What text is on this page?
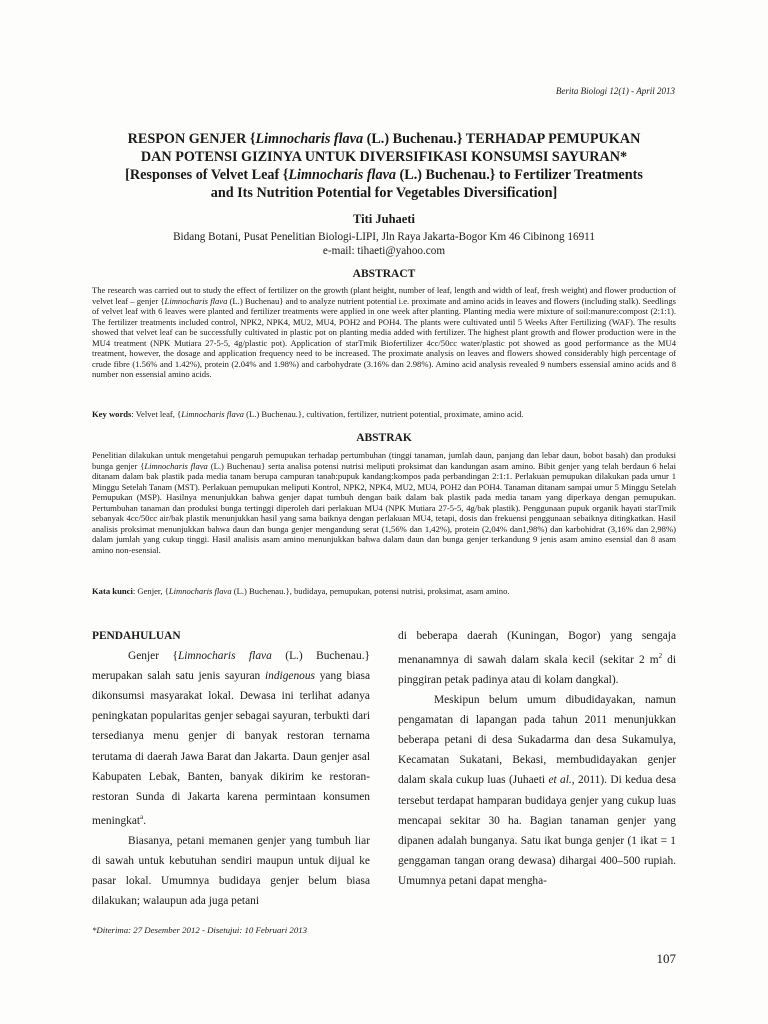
Berita Biologi 12(1) - April 2013
RESPON GENJER {Limnocharis flava (L.) Buchenau.} TERHADAP PEMUPUKAN
DAN POTENSI GIZINYA UNTUK DIVERSIFIKASI KONSUMSI SAYURAN*
[Responses of Velvet Leaf {Limnocharis flava (L.) Buchenau.} to Fertilizer Treatments
and Its Nutrition Potential for Vegetables Diversification]
Titi Juhaeti
Bidang Botani, Pusat Penelitian Biologi-LIPI, Jln Raya Jakarta-Bogor Km 46 Cibinong 16911
e-mail: tihaeti@yahoo.com
ABSTRACT
The research was carried out to study the effect of fertilizer on the growth (plant height, number of leaf, length and width of leaf, fresh weight) and flower production of velvet leaf – genjer {Limnocharis flava (L.) Buchenau} and to analyze nutrient potential i.e. proximate and amino acids in leaves and flowers (including stalk). Seedlings of velvet leaf with 6 leaves were planted and fertilizer treatments were applied in one week after planting. Planting media were mixture of soil:manure:compost (2:1:1). The fertilizer treatments included control, NPK2, NPK4, MU2, MU4, POH2 and POH4. The plants were cultivated until 5 Weeks After Fertilizing (WAF). The results showed that velvet leaf can be successfully cultivated in plastic pot on planting media added with fertilizer. The highest plant growth and flower production were in the MU4 treatment (NPK Mutiara 27-5-5, 4g/plastic pot). Application of starTmik Biofertilizer 4cc/50cc water/plastic pot showed as good performance as the MU4 treatment, however, the dosage and application frequency need to be increased. The proximate analysis on leaves and flowers showed considerably high percentage of crude fibre (1.56% and 1.42%), protein (2.04% and 1.98%) and carbohydrate (3.16% dan 2.98%). Amino acid analysis revealed 9 numbers essensial amino acids and 8 number non essensial amino acids.
Key words: Velvet leaf, {Limnocharis flava (L.) Buchenau.}, cultivation, fertilizer, nutrient potential, proximate, amino acid.
ABSTRAK
Penelitian dilakukan untuk mengetahui pengaruh pemupukan terhadap pertumbuhan (tinggi tanaman, jumlah daun, panjang dan lebar daun, bobot basah) dan produksi bunga genjer {Limnocharis flava (L.) Buchenau} serta analisa potensi nutrisi meliputi proksimat dan kandungan asam amino. Bibit genjer yang telah berdaun 6 helai ditanam dalam bak plastik pada media tanam berupa campuran tanah:pupuk kandang:kompos pada perbandingan 2:1:1. Perlakuan pemupukan dilakukan pada umur 1 Minggu Setelah Tanam (MST). Perlakuan pemupukan meliputi Kontrol, NPK2, NPK4, MU2, MU4, POH2 dan POH4. Tanaman ditanam sampai umur 5 Minggu Setelah Pemupukan (MSP). Hasilnya menunjukkan bahwa genjer dapat tumbuh dengan baik dalam bak plastik pada media tanam yang diperkaya dengan pemupukan. Pertumbuhan tanaman dan produksi bunga tertinggi diperoleh dari perlakuan MU4 (NPK Mutiara 27-5-5, 4g/bak plastik). Penggunaan pupuk organik hayati starTmik sebanyak 4cc/50cc air/bak plastik menunjukkan hasil yang sama baiknya dengan perlakuan MU4, tetapi, dosis dan frekuensi penggunaan sebaiknya ditingkatkan. Hasil analisis proksimat menunjukkan bahwa daun dan bunga genjer mengandung serat (1,56% dan 1,42%), protein (2,04% dan1,98%) dan karbohidrat (3,16% dan 2,98%) dalam jumlah yang cukup tinggi. Hasil analisis asam amino menunjukkan bahwa dalam daun dan bunga genjer terkandung 9 jenis asam amino esensial dan 8 asam amino non-esensial.
Kata kunci: Genjer, {Limnocharis flava (L.) Buchenau.}, budidaya, pemupukan, potensi nutrisi, proksimat, asam amino.
PENDAHULUAN

Genjer {Limnocharis flava (L.) Buchenau.} merupakan salah satu jenis sayuran indigenous yang biasa dikonsumsi masyarakat lokal. Dewasa ini terlihat adanya peningkatan popularitas genjer sebagai sayuran, terbukti dari tersedianya menu genjer di banyak restoran ternama terutama di daerah Jawa Barat dan Jakarta. Daun genjer asal Kabupaten Lebak, Banten, banyak dikirim ke restoran-restoran Sunda di Jakarta karena permintaan konsumen meningkat$^a$.

Biasanya, petani memanen genjer yang tumbuh liar di sawah untuk kebutuhan sendiri maupun untuk dijual ke pasar lokal. Umumnya budidaya genjer belum biasa dilakukan; walaupun ada juga petani

di beberapa daerah (Kuningan, Bogor) yang sengaja menanamnya di sawah dalam skala kecil (sekitar 2 $m^2$ di pinggiran petak padinya atau di kolam dangkal).

Meskipun belum umum dibudidayakan, namun pengamatan di lapangan pada tahun 2011 menunjukkan beberapa petani di desa Sukadarma dan desa Sukamulya, Kecamatan Sukatani, Bekasi, membudidayakan genjer dalam skala cukup luas (Juhaeti et al., 2011). Di kedua desa tersebut terdapat hamparan budidaya genjer yang cukup luas mencapai sekitar 30 ha. Bagian tanaman genjer yang dipanen adalah bunganya. Satu ikat bunga genjer (1 ikat = 1 genggaman tangan orang dewasa) dihargai 400–500 rupiah. Umumnya petani dapat mengha-

*Diterima: 27 Desember 2012 - Disetujui: 10 Februari 2013
107
